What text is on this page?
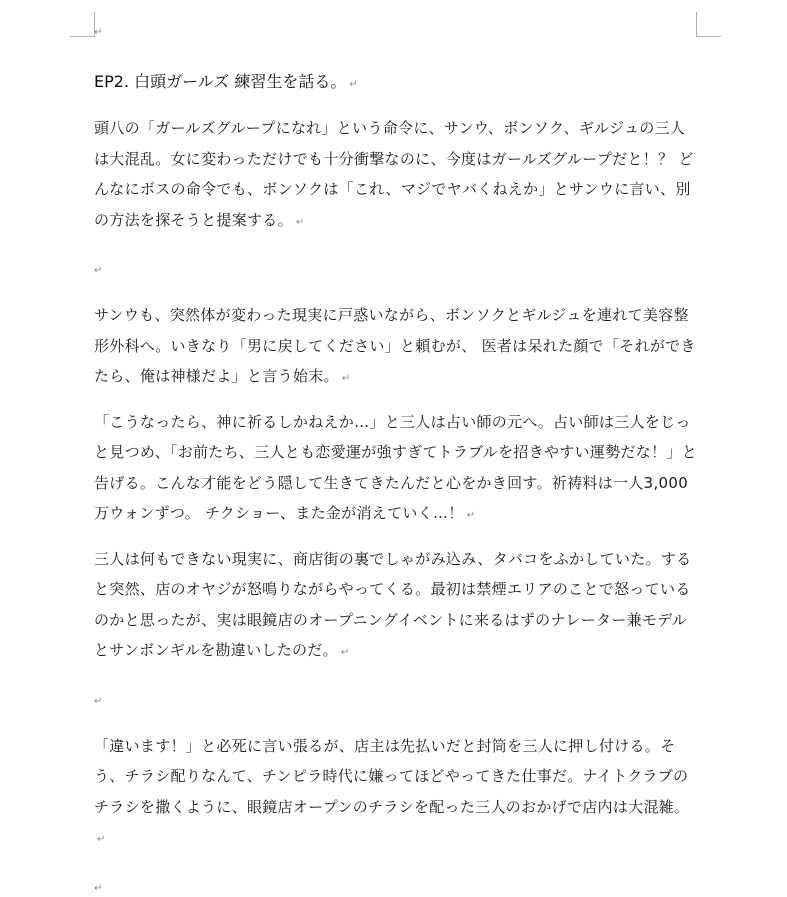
↵
EP2. 白頭ガールズ 練習生を話る。 ↵

頭八の「ガールズグループになれ」という命令に、サンウ、ボンソク、ギルジュの三人は大混乱。女に変わっただけでも十分衝撃なのに、今度はガールズグループだと！？ どんなにボスの命令でも、ボンソクは「これ、マジでヤバくねえか」とサンウに言い、別の方法を探そうと提案する。 ↵

↵

サンウも、突然体が変わった現実に戸惑いながら、ボンソクとギルジュを連れて美容整形外科へ。いきなり「男に戻してください」と頼むが、 医者は呆れた顔で「それができたら、俺は神様だよ」と言う始末。 ↵

「こうなったら、神に祈るしかねえか…」と三人は占い師の元へ。占い師は三人をじっと見つめ、「お前たち、三人とも恋愛運が強すぎてトラブルを招きやすい運勢だな！」と告げる。こんな才能をどう隠して生きてきたんだと心をかき回す。祈祷料は一人3,000万ウォンずつ。 チクショー、また金が消えていく…！ ↵

三人は何もできない現実に、商店街の裏でしゃがみ込み、タバコをふかしていた。すると突然、店のオヤジが怒鳴りながらやってくる。最初は禁煙エリアのことで怒っているのかと思ったが、実は眼鏡店のオープニングイベントに来るはずのナレーター兼モデルとサンボンギルを勘違いしたのだ。 ↵

↵

「違います！」と必死に言い張るが、店主は先払いだと封筒を三人に押し付ける。そう、チラシ配りなんて、チンピラ時代に嫌ってほどやってきた仕事だ。ナイトクラブのチラシを撒くように、眼鏡店オープンのチラシを配った三人のおかげで店内は大混雑。↵

↵
